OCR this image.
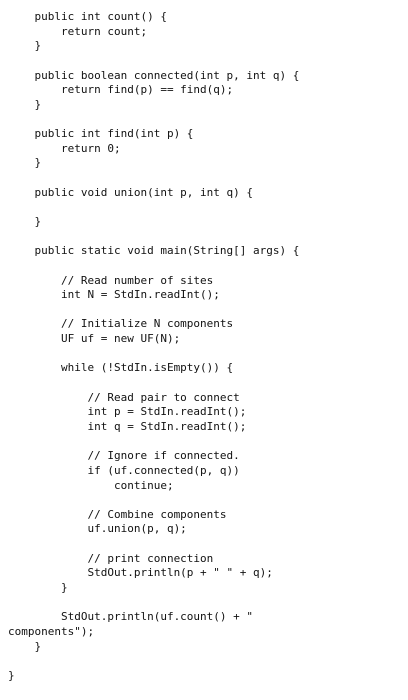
public int count() {
return count;
}
public boolean connected(int p, int q) {
return find(p) == find(q);
}
public int find(int p) {
return 0;
}
public void union(int p, int q) {
}
public static void main(String[] args) {
// Read number of sites
int N = StdIn.readInt();
// Initialize N components
UF uf = new UF(N);
while (!StdIn.isEmpty()) {
// Read pair to connect
int p = StdIn.readInt();
int q = StdIn.readInt();
// Ignore if connected.
if (uf.connected(p, q))
continue;
// Combine components
uf.union(p, q);
// print connection
StdOut.println(p + " " + q);
}
StdOut.println(uf.count() + "
components");
}
}
